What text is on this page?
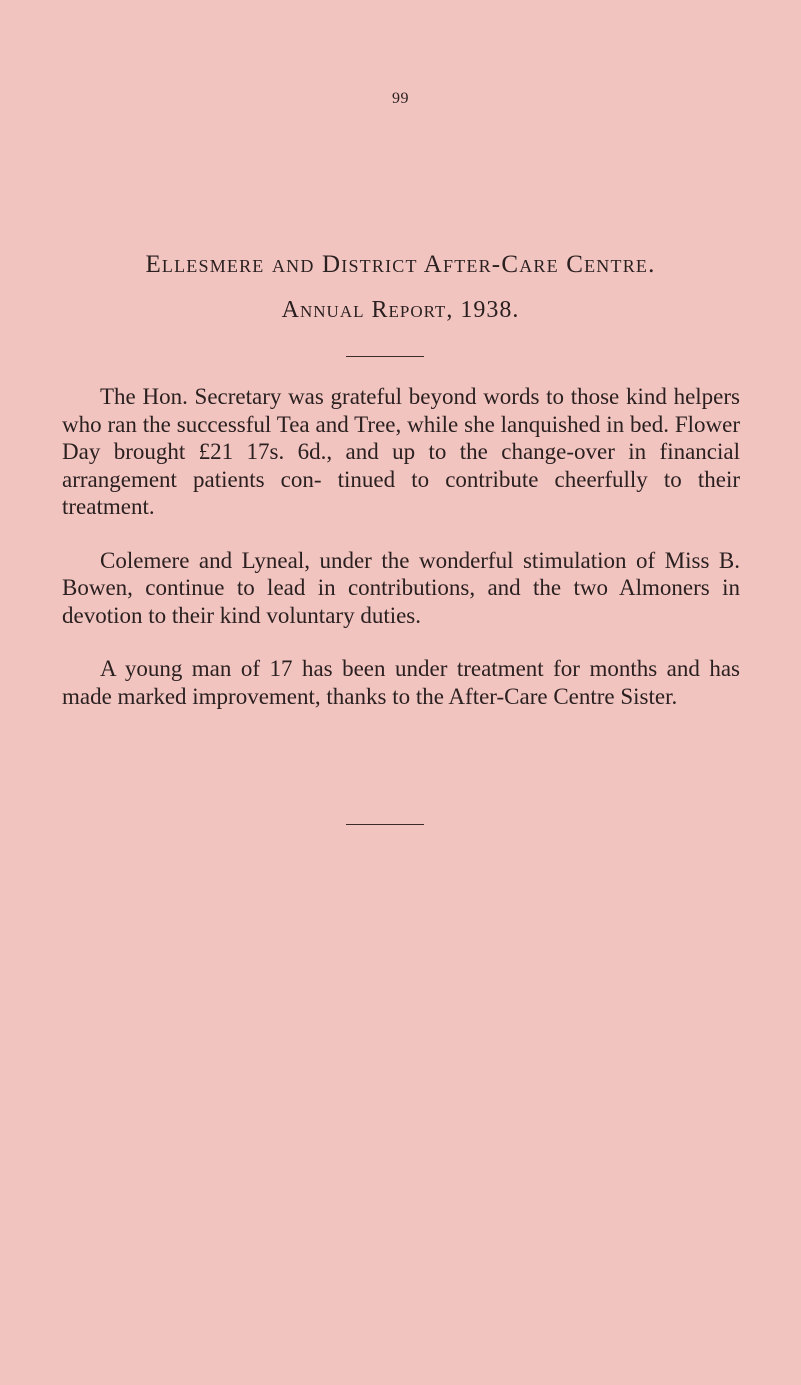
99
Ellesmere and District After-Care Centre.
Annual Report, 1938.

The Hon. Secretary was grateful beyond words to those kind helpers who ran the successful Tea and Tree, while she lanquished in bed. Flower Day brought £21 17s. 6d., and up to the change-over in financial arrangement patients con- tinued to contribute cheerfully to their treatment.

Colemere and Lyneal, under the wonderful stimulation of Miss B. Bowen, continue to lead in contributions, and the two Almoners in devotion to their kind voluntary duties.

A young man of 17 has been under treatment for months and has made marked improvement, thanks to the After-Care Centre Sister.
